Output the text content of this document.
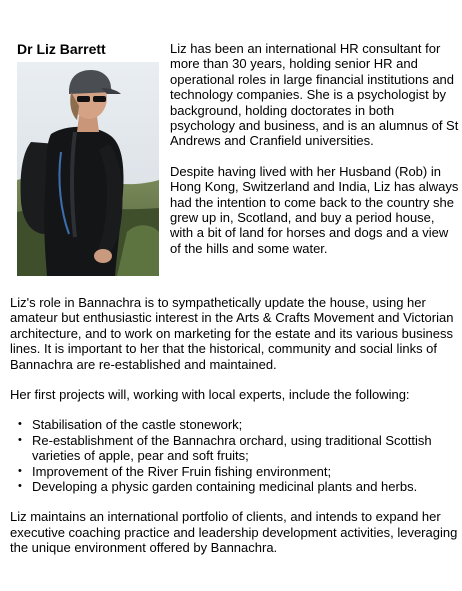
Dr Liz Barrett	Liz has been an international HR consultant for more than 30 years, holding senior HR and operational roles in large financial institutions and technology companies. She is a psychologist by background, holding doctorates in both psychology and business, and is an alumnus of St Andrews and Cranfield universities.

Despite having lived with her Husband (Rob) in Hong Kong, Switzerland and India, Liz has always had the intention to come back to the country she grew up in, Scotland, and buy a period house, with a bit of land for horses and dogs and a view of the hills and some water.

Liz's role in Bannachra is to sympathetically update the house, using her amateur but enthusiastic interest in the Arts & Crafts Movement and Victorian architecture, and to work on marketing for the estate and its various business lines. It is important to her that the historical, community and social links of Bannachra are re-established and maintained.

Her first projects will, working with local experts, include the following:

• Stabilisation of the castle stonework;
• Re-establishment of the Bannachra orchard, using traditional Scottish varieties of apple, pear and soft fruits;
• Improvement of the River Fruin fishing environment;
• Developing a physic garden containing medicinal plants and herbs.

Liz maintains an international portfolio of clients, and intends to expand her executive coaching practice and leadership development activities, leveraging the unique environment offered by Bannachra.
